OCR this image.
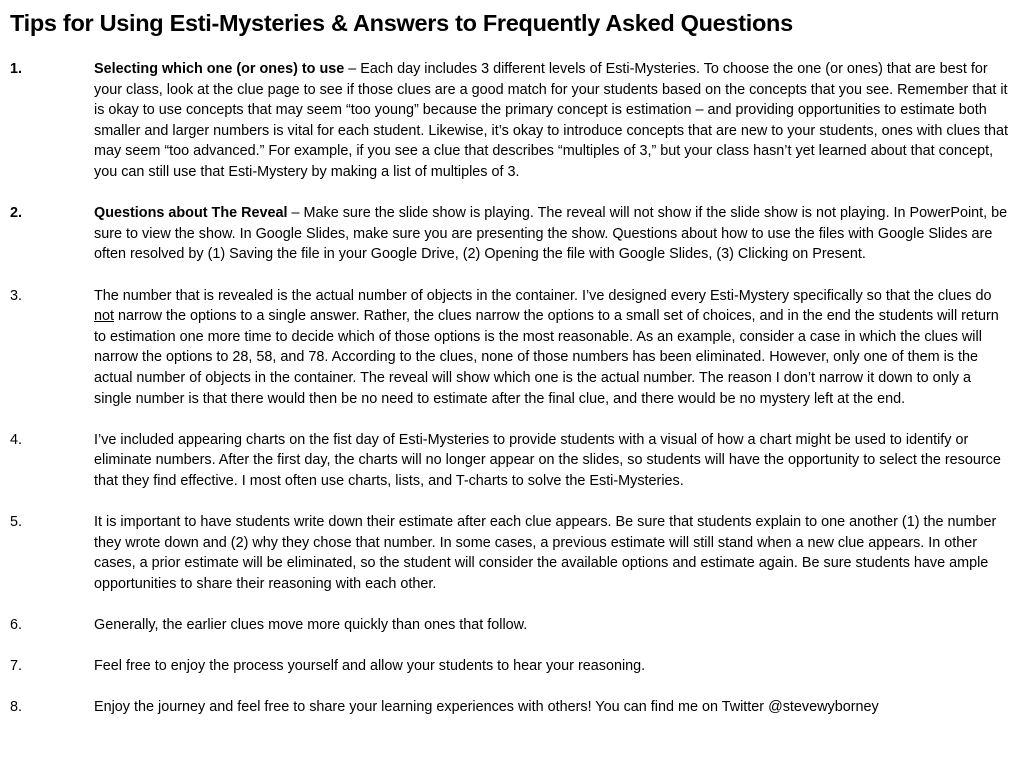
Tips for Using Esti-Mysteries & Answers to Frequently Asked Questions
1.	Selecting which one (or ones) to use – Each day includes 3 different levels of Esti-Mysteries. To choose the one (or ones) that are best for your class, look at the clue page to see if those clues are a good match for your students based on the concepts that you see. Remember that it is okay to use concepts that may seem “too young” because the primary concept is estimation – and providing opportunities to estimate both smaller and larger numbers is vital for each student. Likewise, it’s okay to introduce concepts that are new to your students, ones with clues that may seem “too advanced.” For example, if you see a clue that describes “multiples of 3,” but your class hasn’t yet learned about that concept, you can still use that Esti-Mystery by making a list of multiples of 3.
2.	Questions about The Reveal – Make sure the slide show is playing. The reveal will not show if the slide show is not playing. In PowerPoint, be sure to view the show. In Google Slides, make sure you are presenting the show. Questions about how to use the files with Google Slides are often resolved by (1) Saving the file in your Google Drive, (2) Opening the file with Google Slides, (3) Clicking on Present.
3.	The number that is revealed is the actual number of objects in the container. I’ve designed every Esti-Mystery specifically so that the clues do not narrow the options to a single answer. Rather, the clues narrow the options to a small set of choices, and in the end the students will return to estimation one more time to decide which of those options is the most reasonable. As an example, consider a case in which the clues will narrow the options to 28, 58, and 78. According to the clues, none of those numbers has been eliminated. However, only one of them is the actual number of objects in the container. The reveal will show which one is the actual number. The reason I don’t narrow it down to only a single number is that there would then be no need to estimate after the final clue, and there would be no mystery left at the end.
4.	I’ve included appearing charts on the fist day of Esti-Mysteries to provide students with a visual of how a chart might be used to identify or eliminate numbers. After the first day, the charts will no longer appear on the slides, so students will have the opportunity to select the resource that they find effective. I most often use charts, lists, and T-charts to solve the Esti-Mysteries.
5.	It is important to have students write down their estimate after each clue appears. Be sure that students explain to one another (1) the number they wrote down and (2) why they chose that number. In some cases, a previous estimate will still stand when a new clue appears. In other cases, a prior estimate will be eliminated, so the student will consider the available options and estimate again. Be sure students have ample opportunities to share their reasoning with each other.
6.	Generally, the earlier clues move more quickly than ones that follow.
7.	Feel free to enjoy the process yourself and allow your students to hear your reasoning.
8.	Enjoy the journey and feel free to share your learning experiences with others! You can find me on Twitter @stevewyborney
